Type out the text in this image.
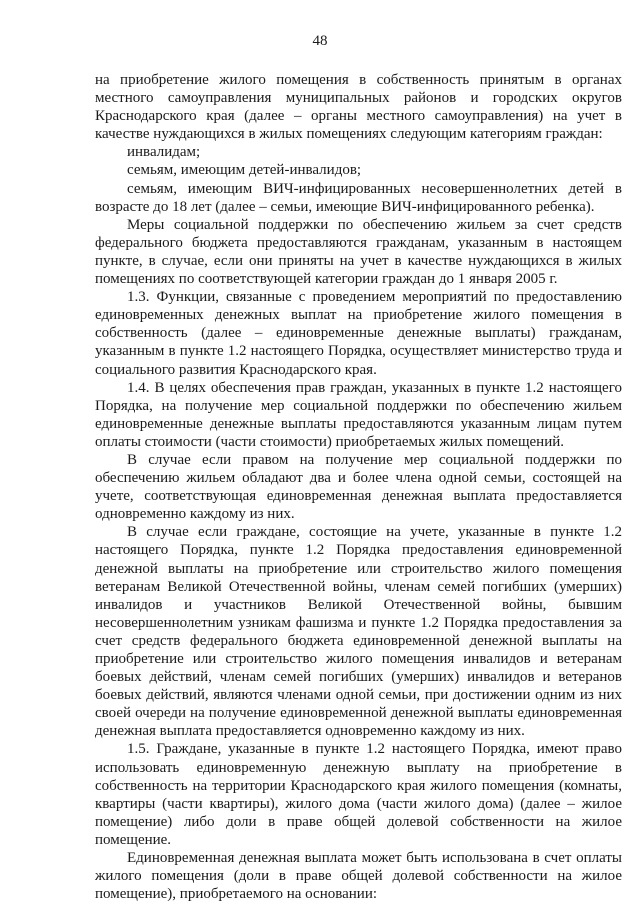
48

на приобретение жилого помещения в собственность принятым в органах местного самоуправления муниципальных районов и городских округов Краснодарского края (далее – органы местного самоуправления) на учет в качестве нуждающихся в жилых помещениях следующим категориям граждан:

инвалидам;

семьям, имеющим детей-инвалидов;

семьям, имеющим ВИЧ-инфицированных несовершеннолетних детей в возрасте до 18 лет (далее – семьи, имеющие ВИЧ-инфицированного ребенка).

Меры социальной поддержки по обеспечению жильем за счет средств федерального бюджета предоставляются гражданам, указанным в настоящем пункте, в случае, если они приняты на учет в качестве нуждающихся в жилых помещениях по соответствующей категории граждан до 1 января 2005 г.

1.3. Функции, связанные с проведением мероприятий по предоставлению единовременных денежных выплат на приобретение жилого помещения в собственность (далее – единовременные денежные выплаты) гражданам, указанным в пункте 1.2 настоящего Порядка, осуществляет министерство труда и социального развития Краснодарского края.

1.4. В целях обеспечения прав граждан, указанных в пункте 1.2 настоящего Порядка, на получение мер социальной поддержки по обеспечению жильем единовременные денежные выплаты предоставляются указанным лицам путем оплаты стоимости (части стоимости) приобретаемых жилых помещений.

В случае если правом на получение мер социальной поддержки по обеспечению жильем обладают два и более члена одной семьи, состоящей на учете, соответствующая единовременная денежная выплата предоставляется одновременно каждому из них.

В случае если граждане, состоящие на учете, указанные в пункте 1.2 настоящего Порядка, пункте 1.2 Порядка предоставления единовременной денежной выплаты на приобретение или строительство жилого помещения ветеранам Великой Отечественной войны, членам семей погибших (умерших) инвалидов и участников Великой Отечественной войны, бывшим несовершеннолетним узникам фашизма и пункте 1.2 Порядка предоставления за счет средств федерального бюджета единовременной денежной выплаты на приобретение или строительство жилого помещения инвалидов и ветеранам боевых действий, членам семей погибших (умерших) инвалидов и ветеранов боевых действий, являются членами одной семьи, при достижении одним из них своей очереди на получение единовременной денежной выплаты единовременная денежная выплата предоставляется одновременно каждому из них.

1.5. Граждане, указанные в пункте 1.2 настоящего Порядка, имеют право использовать единовременную денежную выплату на приобретение в собственность на территории Краснодарского края жилого помещения (комнаты, квартиры (части квартиры), жилого дома (части жилого дома) (далее – жилое помещение) либо доли в праве общей долевой собственности на жилое помещение.

Единовременная денежная выплата может быть использована в счет оплаты жилого помещения (доли в праве общей долевой собственности на жилое помещение), приобретаемого на основании:
